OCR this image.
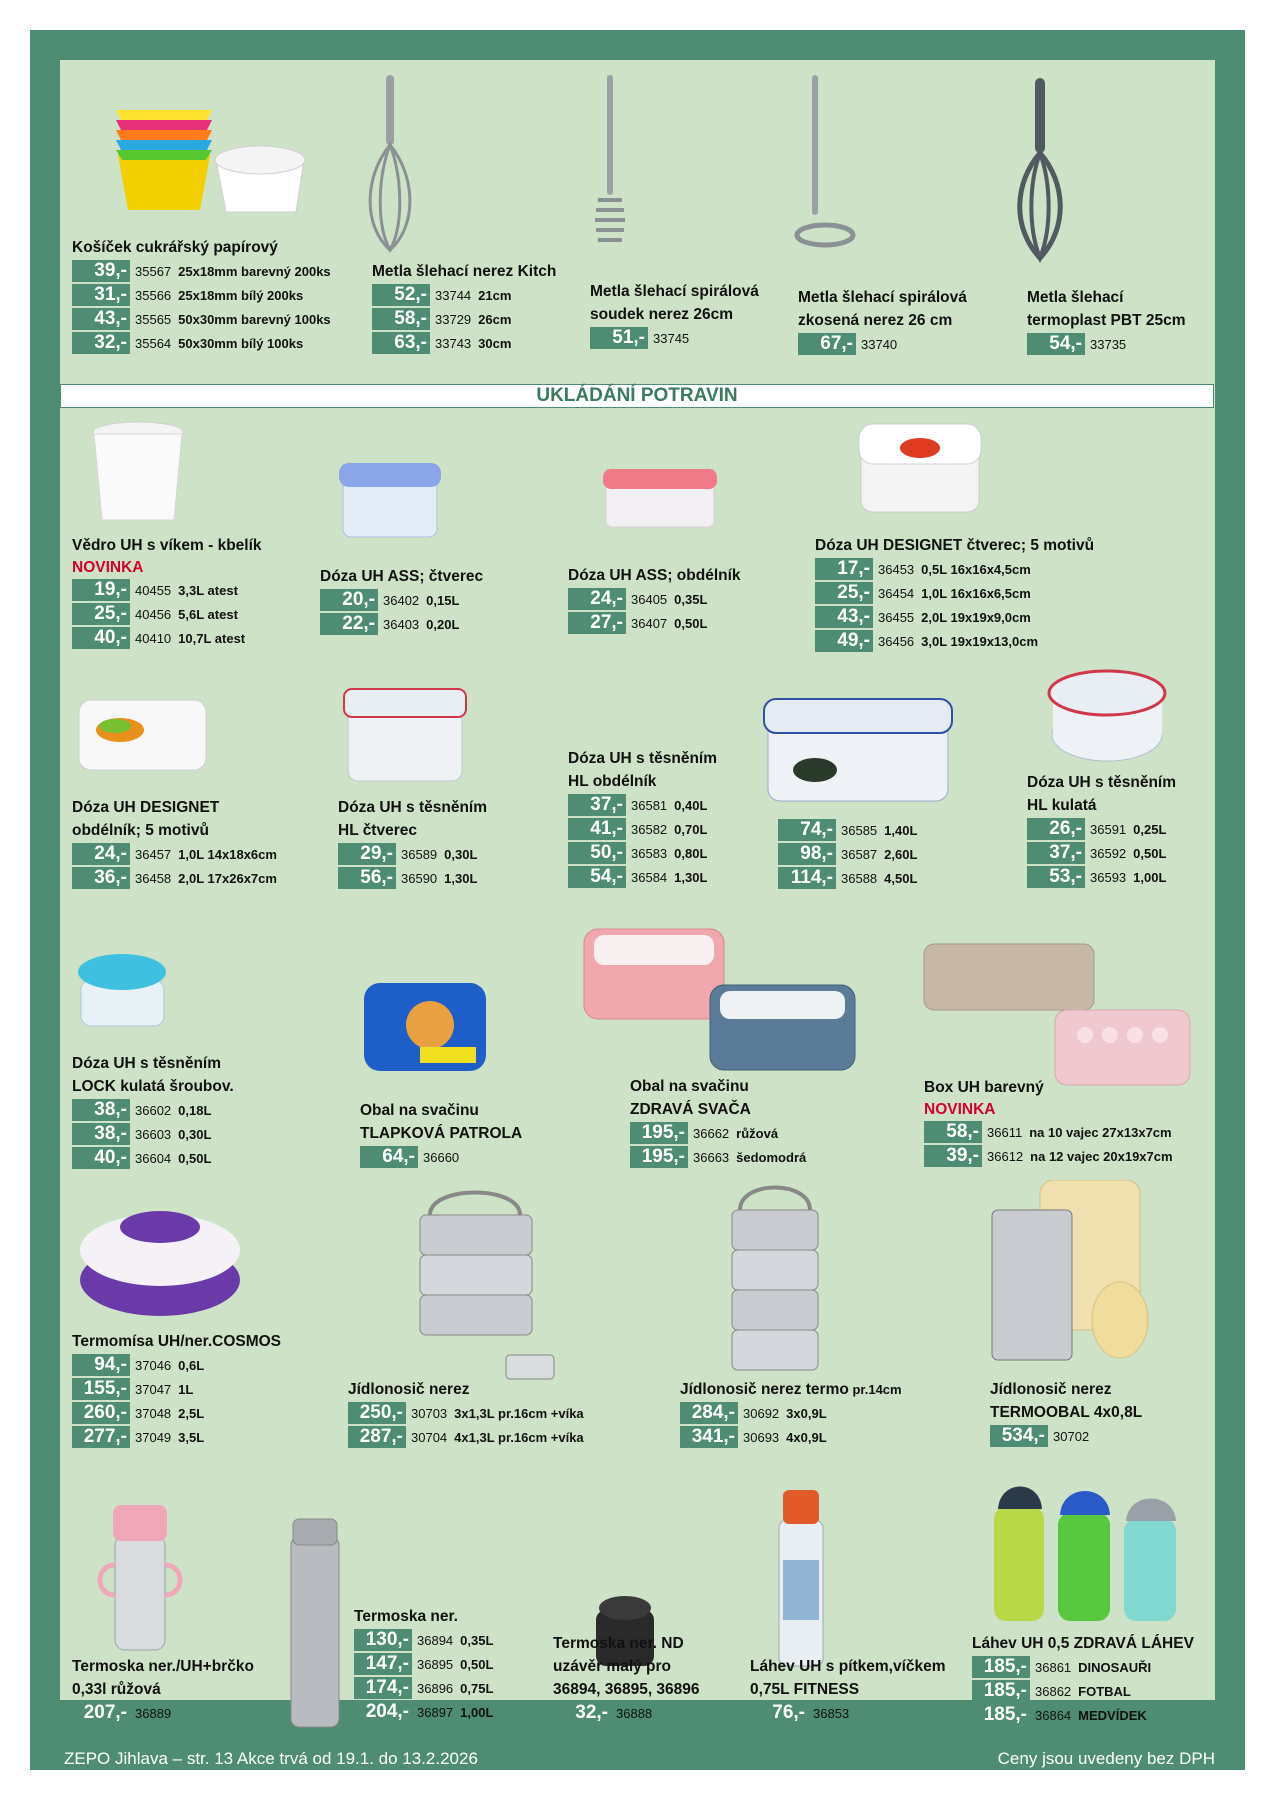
UKLÁDÁNÍ POTRAVIN
Košíček cukrářský papírový
39,- 35567 25x18mm barevný 200ks
31,- 35566 25x18mm bílý 200ks
43,- 35565 50x30mm barevný 100ks
32,- 35564 50x30mm bílý 100ks
Metla šlehací nerez Kitch
52,- 33744 21cm
58,- 33729 26cm
63,- 33743 30cm
Metla šlehací spirálová
soudek nerez 26cm
51,- 33745
Metla šlehací spirálová
zkosená nerez 26 cm
67,- 33740
Metla šlehací
termoplast PBT 25cm
54,- 33735
Vědro UH s víkem - kbelík
NOVINKA
19,- 40455 3,3L atest
25,- 40456 5,6L atest
40,- 40410 10,7L atest
Dóza UH ASS; čtverec
20,- 36402 0,15L
22,- 36403 0,20L
Dóza UH ASS; obdélník
24,- 36405 0,35L
27,- 36407 0,50L
Dóza UH DESIGNET čtverec; 5 motivů
17,- 36453 0,5L 16x16x4,5cm
25,- 36454 1,0L 16x16x6,5cm
43,- 36455 2,0L 19x19x9,0cm
49,- 36456 3,0L 19x19x13,0cm
Dóza UH DESIGNET
obdélník; 5 motivů
24,- 36457 1,0L 14x18x6cm
36,- 36458 2,0L 17x26x7cm
Dóza UH s těsněním
HL čtverec
29,- 36589 0,30L
56,- 36590 1,30L
Dóza UH s těsněním
HL obdélník
37,- 36581 0,40L
41,- 36582 0,70L
50,- 36583 0,80L
54,- 36584 1,30L
74,- 36585 1,40L
98,- 36587 2,60L
114,- 36588 4,50L
Dóza UH s těsněním
HL kulatá
26,- 36591 0,25L
37,- 36592 0,50L
53,- 36593 1,00L
Dóza UH s těsněním
LOCK kulatá šroubov.
38,- 36602 0,18L
38,- 36603 0,30L
40,- 36604 0,50L
Obal na svačinu
TLAPKOVÁ PATROLA
64,- 36660
Obal na svačinu
ZDRAVÁ SVAČA
195,- 36662 růžová
195,- 36663 šedomodrá
Box UH barevný
NOVINKA
58,- 36611 na 10 vajec 27x13x7cm
39,- 36612 na 12 vajec 20x19x7cm
Termomísa UH/ner.COSMOS
94,- 37046 0,6L
155,- 37047 1L
260,- 37048 2,5L
277,- 37049 3,5L
Jídlonosič nerez
250,- 30703 3x1,3L pr.16cm +víka
287,- 30704 4x1,3L pr.16cm +víka
Jídlonosič nerez termo pr.14cm
284,- 30692 3x0,9L
341,- 30693 4x0,9L
Jídlonosič nerez
TERMOOBAL 4x0,8L
534,- 30702
Termoska ner./UH+brčko
0,33l růžová
207,- 36889
Termoska ner.
130,- 36894 0,35L
147,- 36895 0,50L
174,- 36896 0,75L
204,- 36897 1,00L
Termoska ner. ND
uzávěr malý pro
36894, 36895, 36896
32,- 36888
Láhev UH s pítkem,víčkem
0,75L FITNESS
76,- 36853
Láhev UH 0,5 ZDRAVÁ LÁHEV
185,- 36861 DINOSAUŘI
185,- 36862 FOTBAL
185,- 36864 MEDVÍDEK
ZEPO Jihlava – str. 13 Akce trvá od 19.1. do 13.2.2026	Ceny jsou uvedeny bez DPH
